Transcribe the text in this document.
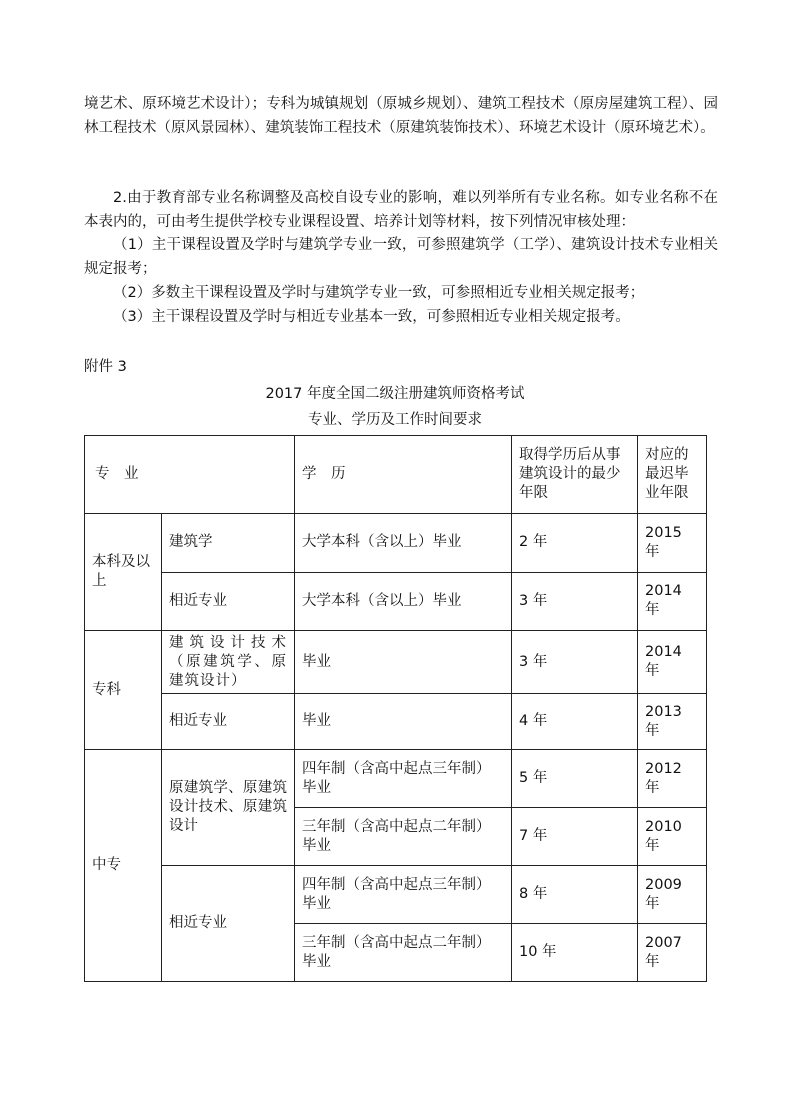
境艺术、原环境艺术设计）；专科为城镇规划（原城乡规划）、建筑工程技术（原房屋建筑工程）、园林工程技术（原风景园林）、建筑装饰工程技术（原建筑装饰技术）、环境艺术设计（原环境艺术）。

2.由于教育部专业名称调整及高校自设专业的影响，难以列举所有专业名称。如专业名称不在本表内的，可由考生提供学校专业课程设置、培养计划等材料，按下列情况审核处理：

（1）主干课程设置及学时与建筑学专业一致，可参照建筑学（工学）、建筑设计技术专业相关规定报考；

（2）多数主干课程设置及学时与建筑学专业一致，可参照相近专业相关规定报考；

（3）主干课程设置及学时与相近专业基本一致，可参照相近专业相关规定报考。

附件 3

2017 年度全国二级注册建筑师资格考试

专业、学历及工作时间要求

专　业		学　历	取得学历后从事建筑设计的最少年限	对应的最迟毕业年限
本科及以上	建筑学	大学本科（含以上）毕业	2 年	2015 年
	相近专业	大学本科（含以上）毕业	3 年	2014 年
专科	建筑设计技术（原建筑学、原建筑设计）	毕业	3 年	2014 年
	相近专业	毕业	4 年	2013 年
中专	原建筑学、原建筑设计技术、原建筑设计	四年制（含高中起点三年制）毕业	5 年	2012 年
		三年制（含高中起点二年制）毕业	7 年	2010 年
	相近专业	四年制（含高中起点三年制）毕业	8 年	2009 年
		三年制（含高中起点二年制）毕业	10 年	2007 年
